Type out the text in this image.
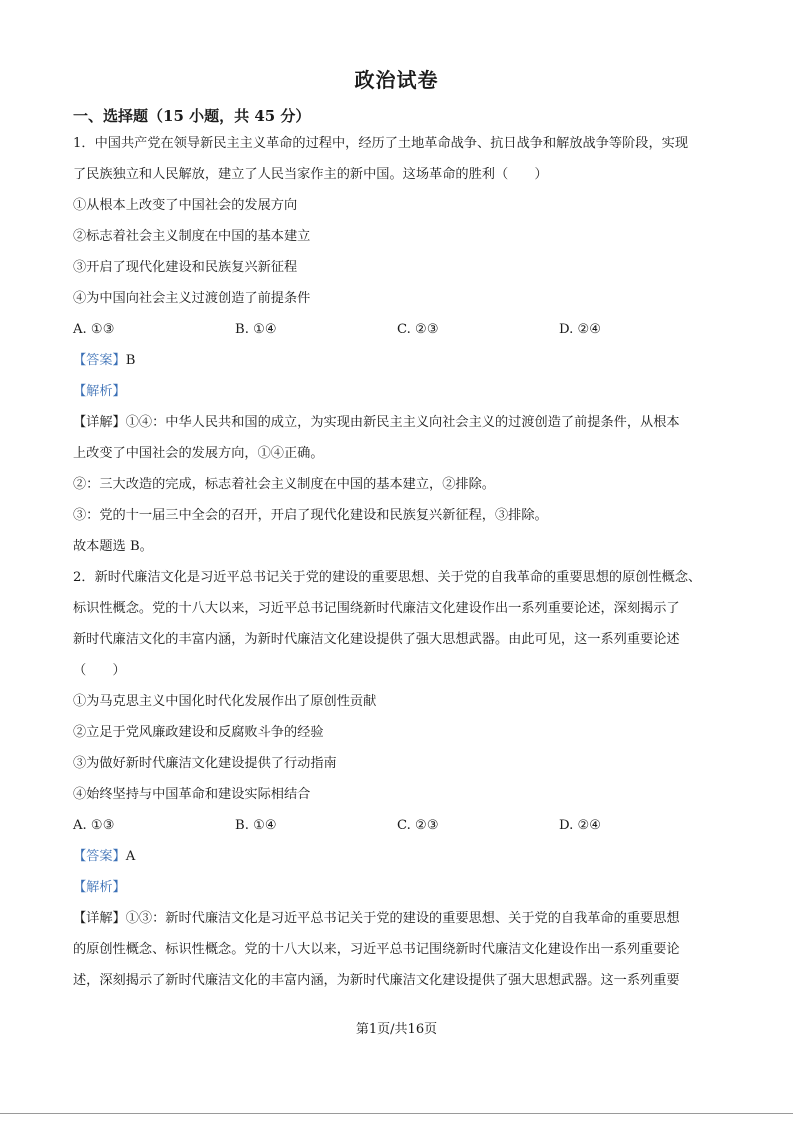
政治试卷
一、选择题（15 小题，共 45 分）
1．中国共产党在领导新民主主义革命的过程中，经历了土地革命战争、抗日战争和解放战争等阶段，实现
了民族独立和人民解放，建立了人民当家作主的新中国。这场革命的胜利（　　）
①从根本上改变了中国社会的发展方向
②标志着社会主义制度在中国的基本建立
③开启了现代化建设和民族复兴新征程
④为中国向社会主义过渡创造了前提条件
A. ①③	B. ①④	C. ②③	D. ②④
【答案】B
【解析】
【详解】①④：中华人民共和国的成立，为实现由新民主主义向社会主义的过渡创造了前提条件，从根本
上改变了中国社会的发展方向，①④正确。
②：三大改造的完成，标志着社会主义制度在中国的基本建立，②排除。
③：党的十一届三中全会的召开，开启了现代化建设和民族复兴新征程，③排除。
故本题选 B。
2．新时代廉洁文化是习近平总书记关于党的建设的重要思想、关于党的自我革命的重要思想的原创性概念、
标识性概念。党的十八大以来，习近平总书记围绕新时代廉洁文化建设作出一系列重要论述，深刻揭示了
新时代廉洁文化的丰富内涵，为新时代廉洁文化建设提供了强大思想武器。由此可见，这一系列重要论述
（　　）
①为马克思主义中国化时代化发展作出了原创性贡献
②立足于党风廉政建设和反腐败斗争的经验
③为做好新时代廉洁文化建设提供了行动指南
④始终坚持与中国革命和建设实际相结合
A. ①③	B. ①④	C. ②③	D. ②④
【答案】A
【解析】
【详解】①③：新时代廉洁文化是习近平总书记关于党的建设的重要思想、关于党的自我革命的重要思想
的原创性概念、标识性概念。党的十八大以来，习近平总书记围绕新时代廉洁文化建设作出一系列重要论
述，深刻揭示了新时代廉洁文化的丰富内涵，为新时代廉洁文化建设提供了强大思想武器。这一系列重要
第1页/共16页
